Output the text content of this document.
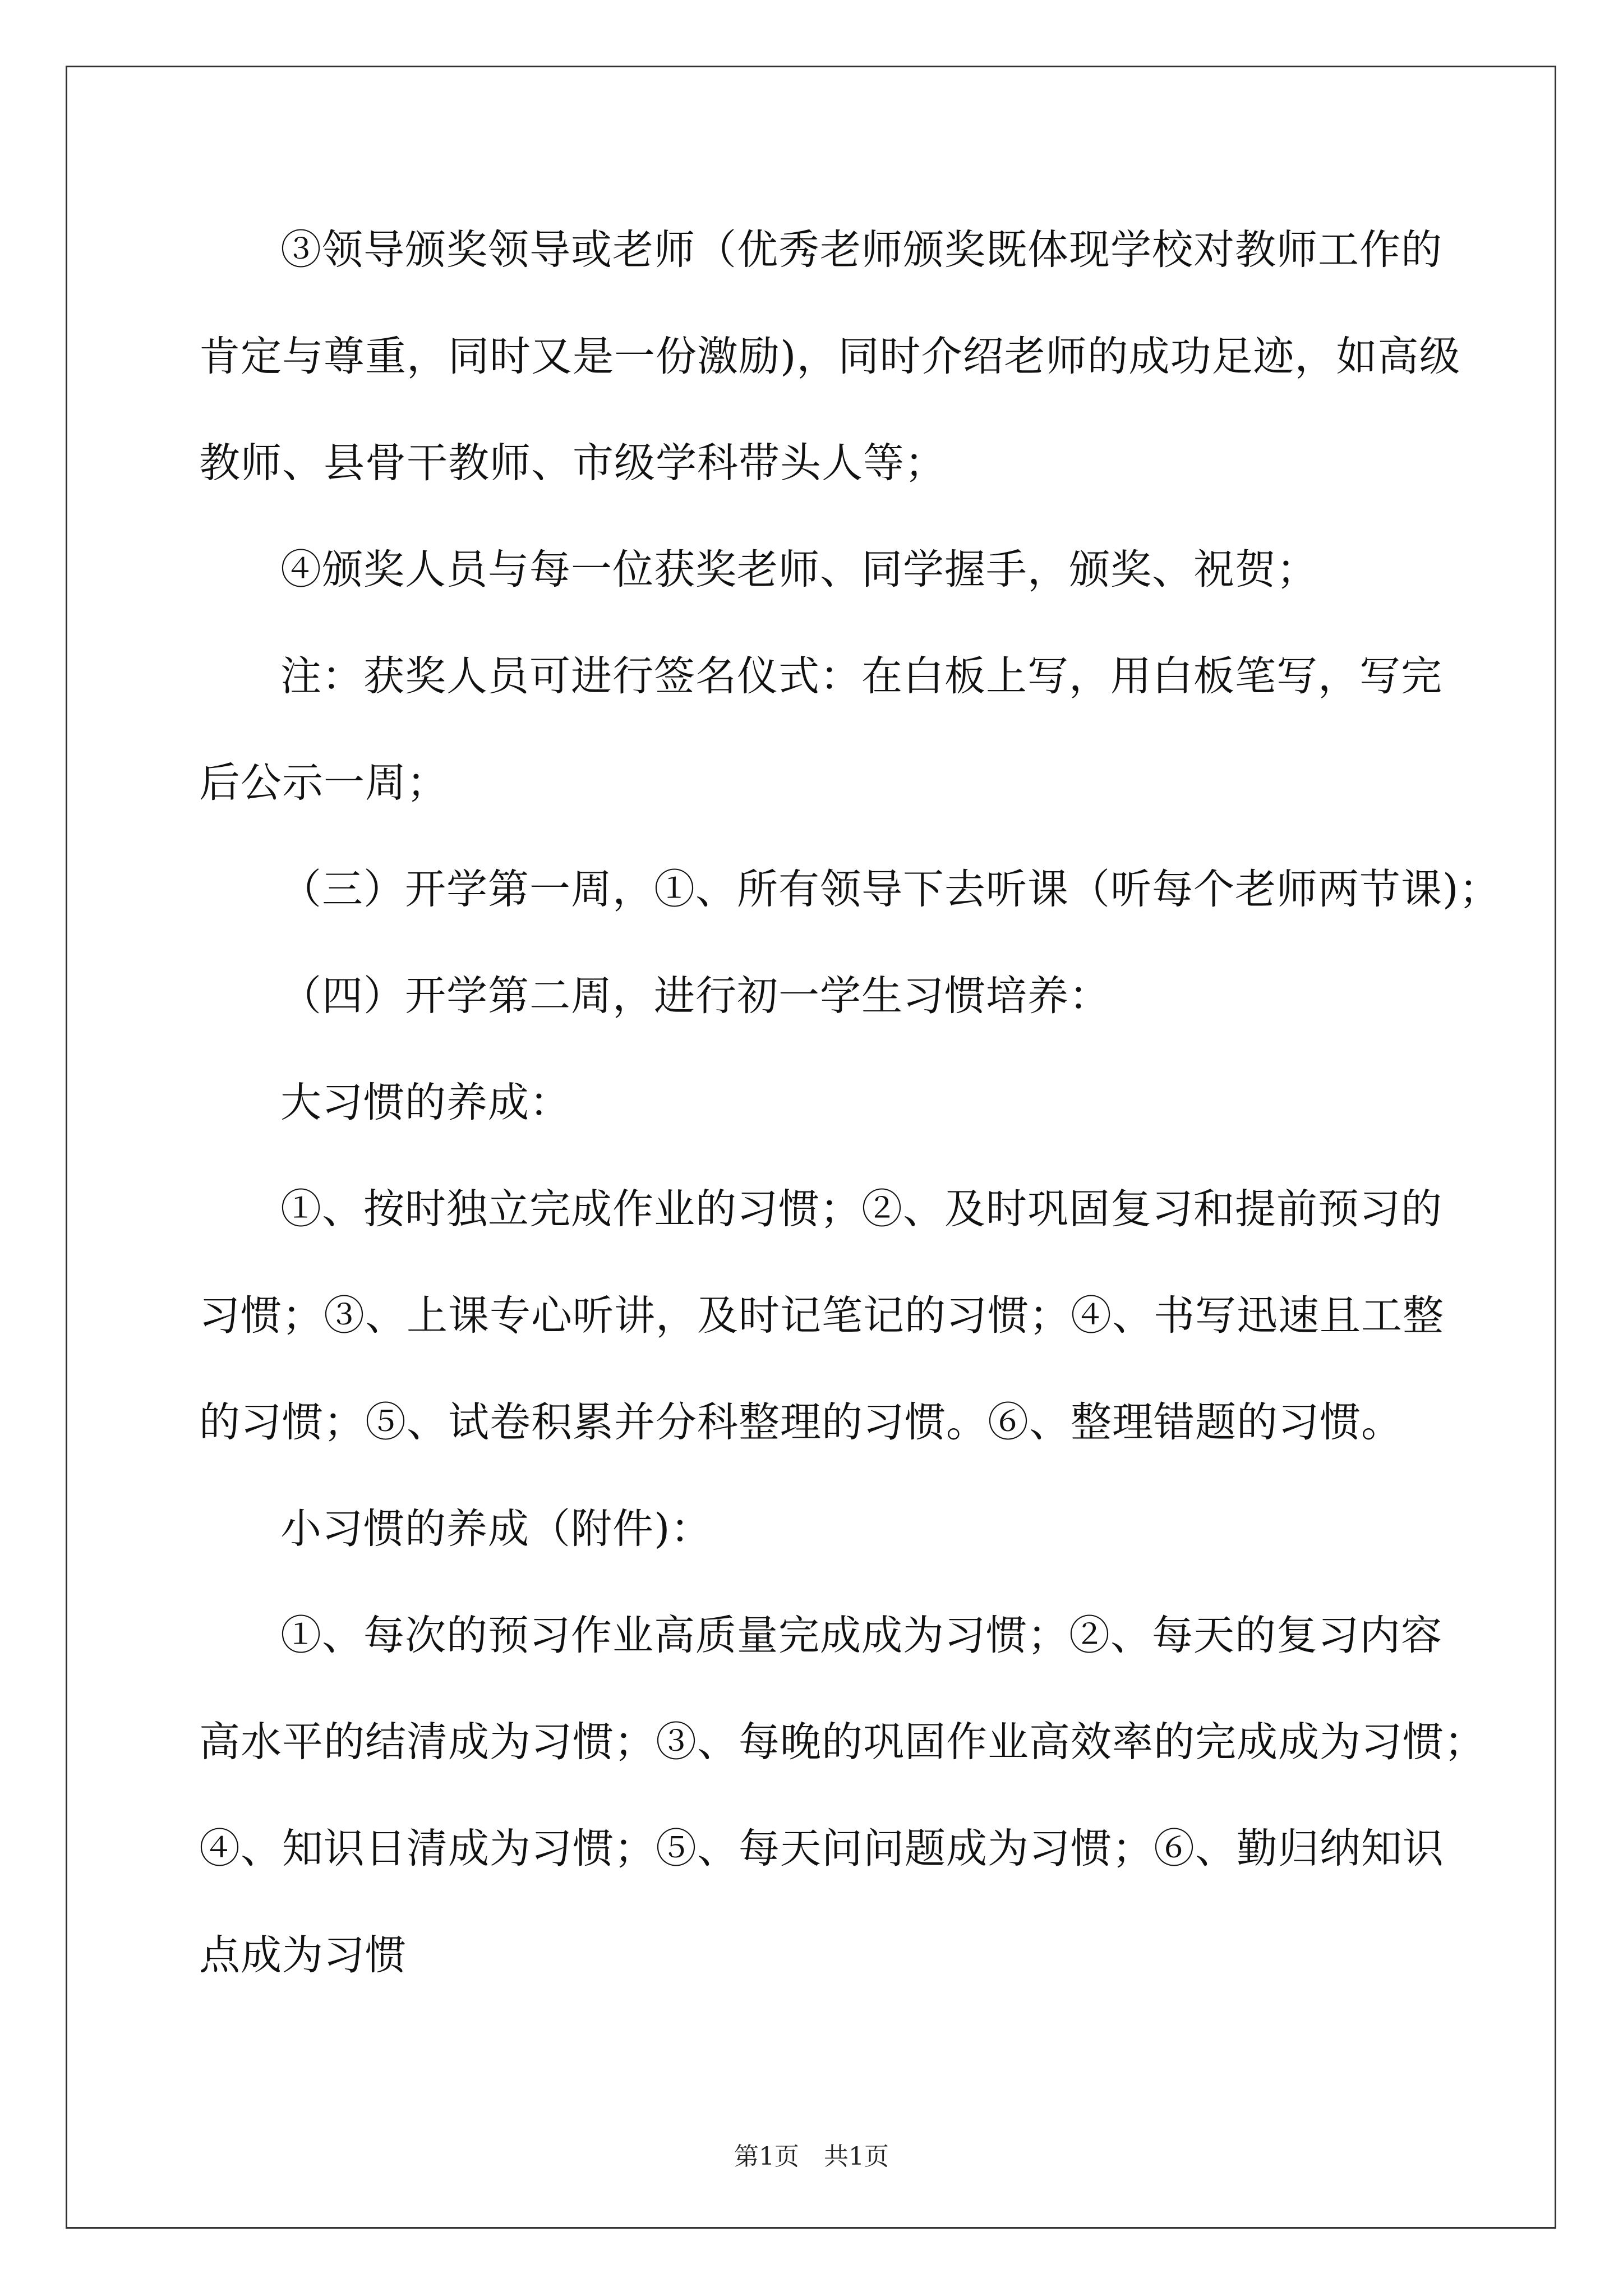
③领导颁奖领导或老师（优秀老师颁奖既体现学校对教师工作的
肯定与尊重，同时又是一份激励)，同时介绍老师的成功足迹，如高级
教师、县骨干教师、市级学科带头人等；
④颁奖人员与每一位获奖老师、同学握手，颁奖、祝贺；
注：获奖人员可进行签名仪式：在白板上写，用白板笔写，写完
后公示一周；
（三）开学第一周，①、所有领导下去听课（听每个老师两节课)；
（四）开学第二周，进行初一学生习惯培养：
大习惯的养成：
①、按时独立完成作业的习惯；②、及时巩固复习和提前预习的
习惯；③、上课专心听讲，及时记笔记的习惯；④、书写迅速且工整
的习惯；⑤、试卷积累并分科整理的习惯。⑥、整理错题的习惯。
小习惯的养成（附件)：
①、每次的预习作业高质量完成成为习惯；②、每天的复习内容
高水平的结清成为习惯；③、每晚的巩固作业高效率的完成成为习惯；
④、知识日清成为习惯；⑤、每天问问题成为习惯；⑥、勤归纳知识
点成为习惯
第1页　共1页
